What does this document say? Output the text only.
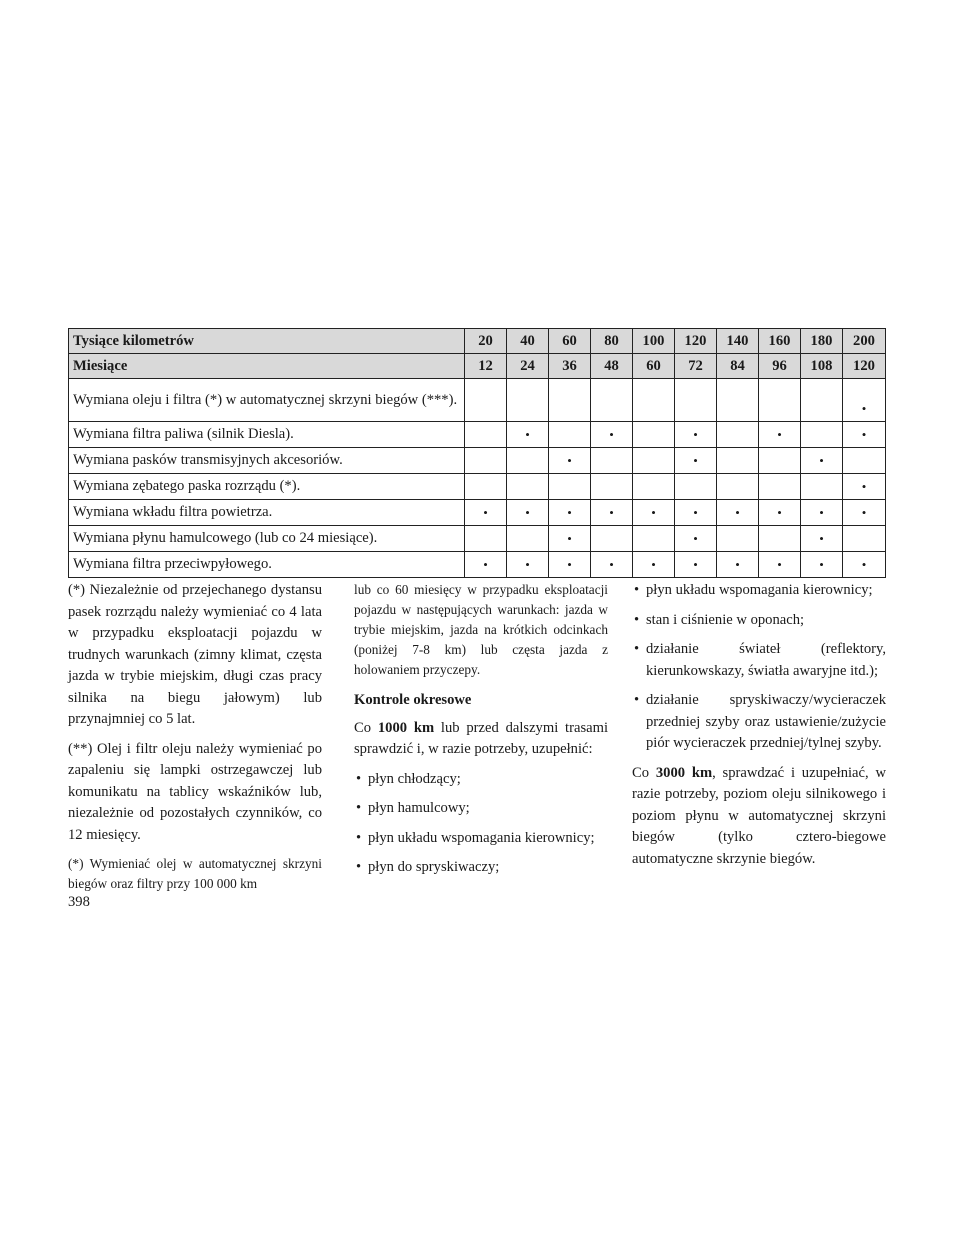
Tysiące kilometrów	20	40	60	80	100	120	140	160	180	200
Miesiące	12	24	36	48	60	72	84	96	108	120
Wymiana oleju i filtra (*) w automatycznej skrzyni biegów (***).										•
Wymiana filtra paliwa (silnik Diesla).		•		•		•		•		•
Wymiana pasków transmisyjnych akcesoriów.			•			•			•	
Wymiana zębatego paska rozrządu (*).										•
Wymiana wkładu filtra powietrza.	•	•	•	•	•	•	•	•	•	•
Wymiana płynu hamulcowego (lub co 24 miesiące).			•			•			•	
Wymiana filtra przeciwpyłowego.	•	•	•	•	•	•	•	•	•	•

(*) Niezależnie od przejechanego dystansu pasek rozrządu należy wymieniać co 4 lata w przypadku eksploatacji pojazdu w trudnych warunkach (zimny klimat, częsta jazda w trybie miejskim, długi czas pracy silnika na biegu jałowym) lub przynajmniej co 5 lat.

(**) Olej i filtr oleju należy wymieniać po zapaleniu się lampki ostrzegawczej lub komunikatu na tablicy wskaźników lub, niezależnie od pozostałych czynników, co 12 miesięcy.

(*) Wymieniać olej w automatycznej skrzyni biegów oraz filtry przy 100 000 km

lub co 60 miesięcy w przypadku eksploatacji pojazdu w następujących warunkach: jazda w trybie miejskim, jazda na krótkich odcinkach (poniżej 7-8 km) lub częsta jazda z holowaniem przyczepy.

Kontrole okresowe

Co 1000 km lub przed dalszymi trasami sprawdzić i, w razie potrzeby, uzupełnić:

• płyn chłodzący;
• płyn hamulcowy;
• płyn układu wspomagania kierownicy;
• płyn do spryskiwaczy;
• płyn układu wspomagania kierownicy;
• stan i ciśnienie w oponach;
• działanie świateł (reflektory, kierunkowskazy, światła awaryjne itd.);
• działanie spryskiwaczy/wycieraczek przedniej szyby oraz ustawienie/zużycie piór wycieraczek przedniej/tylnej szyby.

Co 3000 km, sprawdzać i uzupełniać, w razie potrzeby, poziom oleju silnikowego i poziom płynu w automatycznej skrzyni biegów (tylko cztero-biegowe automatyczne skrzynie biegów.

398
